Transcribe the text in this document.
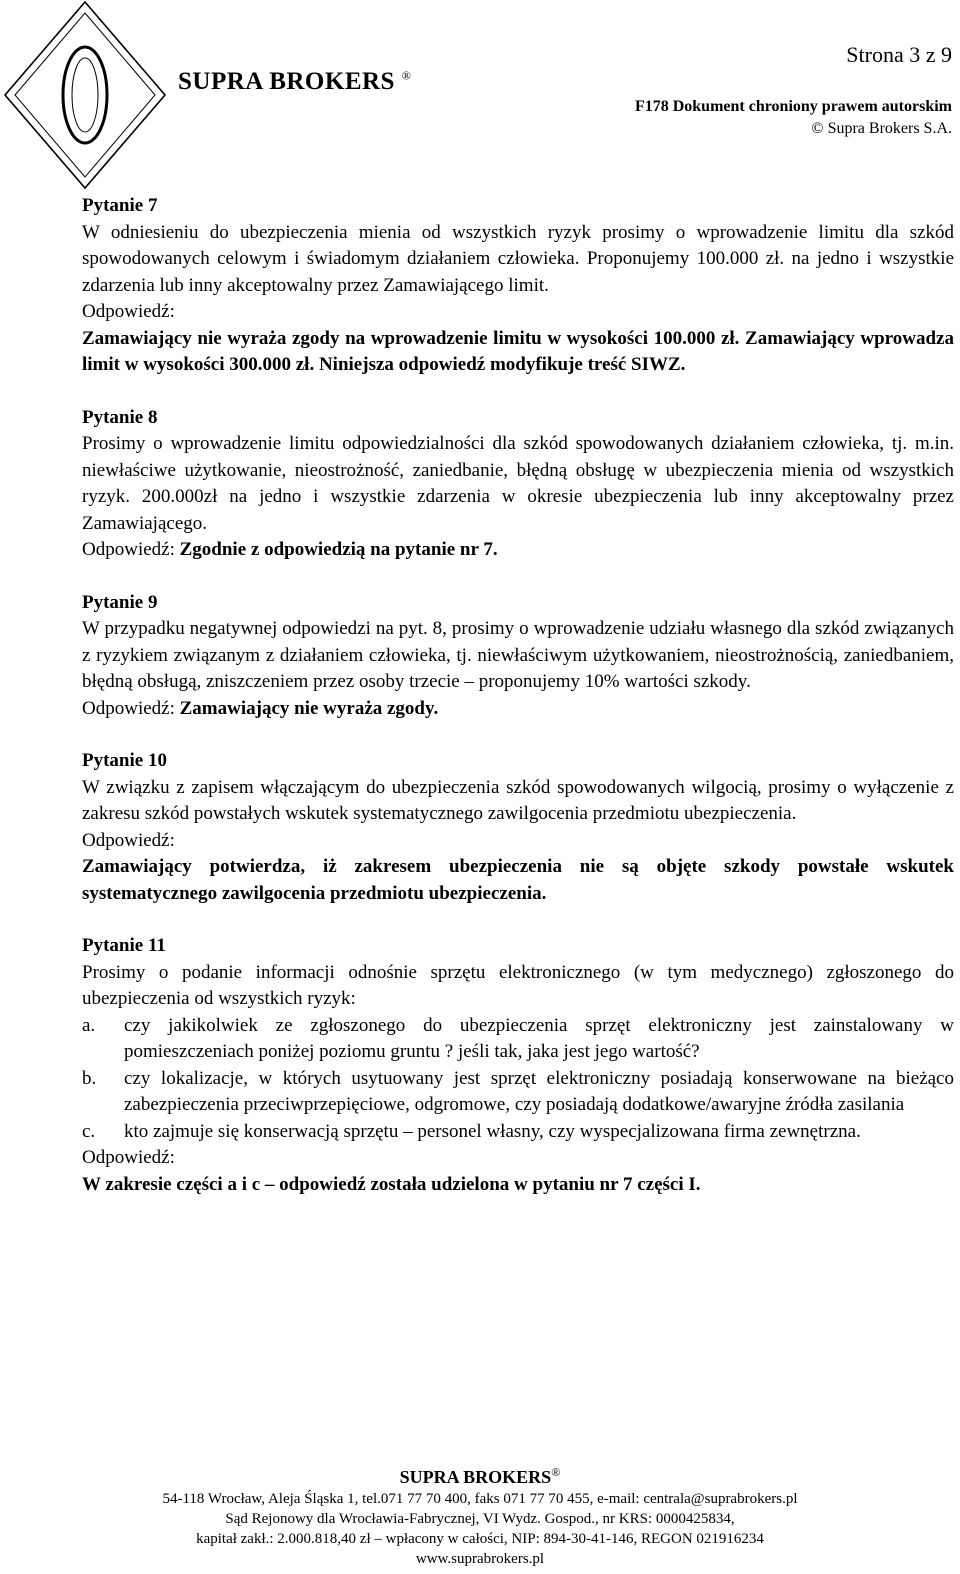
Strona 3 z 9
SUPRA BROKERS ®
F178 Dokument chroniony prawem autorskim
© Supra Brokers S.A.
Pytanie 7
W odniesieniu do ubezpieczenia mienia od wszystkich ryzyk prosimy o wprowadzenie limitu dla szkód spowodowanych celowym i świadomym działaniem człowieka. Proponujemy 100.000 zł. na jedno i wszystkie zdarzenia lub inny akceptowalny przez Zamawiającego limit.
Odpowiedź:
Zamawiający nie wyraża zgody na wprowadzenie limitu w wysokości 100.000 zł. Zamawiający wprowadza limit w wysokości 300.000 zł. Niniejsza odpowiedź modyfikuje treść SIWZ.
Pytanie 8
Prosimy o wprowadzenie limitu odpowiedzialności dla szkód spowodowanych działaniem człowieka, tj. m.in. niewłaściwe użytkowanie, nieostrożność, zaniedbanie, błędną obsługę w ubezpieczenia mienia od wszystkich ryzyk. 200.000zł na jedno i wszystkie zdarzenia w okresie ubezpieczenia lub inny akceptowalny przez Zamawiającego.
Odpowiedź: Zgodnie z odpowiedzią na pytanie nr 7.
Pytanie 9
W przypadku negatywnej odpowiedzi na pyt. 8, prosimy o wprowadzenie udziału własnego dla szkód związanych z ryzykiem związanym z działaniem człowieka, tj. niewłaściwym użytkowaniem, nieostrożnością, zaniedbaniem, błędną obsługą, zniszczeniem przez osoby trzecie – proponujemy 10% wartości szkody.
Odpowiedź: Zamawiający nie wyraża zgody.
Pytanie 10
W związku z zapisem włączającym do ubezpieczenia szkód spowodowanych wilgocią, prosimy o wyłączenie z zakresu szkód powstałych wskutek systematycznego zawilgocenia przedmiotu ubezpieczenia.
Odpowiedź:
Zamawiający potwierdza, iż zakresem ubezpieczenia nie są objęte szkody powstałe wskutek systematycznego zawilgocenia przedmiotu ubezpieczenia.
Pytanie 11
Prosimy o podanie informacji odnośnie sprzętu elektronicznego (w tym medycznego) zgłoszonego do ubezpieczenia od wszystkich ryzyk:
a.	czy jakikolwiek ze zgłoszonego do ubezpieczenia sprzęt elektroniczny jest zainstalowany w pomieszczeniach poniżej poziomu gruntu ? jeśli tak, jaka jest jego wartość?
b.	czy lokalizacje, w których usytuowany jest sprzęt elektroniczny posiadają konserwowane na bieżąco zabezpieczenia przeciwprzepięciowe, odgromowe, czy posiadają dodatkowe/awaryjne źródła zasilania
c.	kto zajmuje się konserwacją sprzętu – personel własny, czy wyspecjalizowana firma zewnętrzna.
Odpowiedź:
W zakresie części a i c – odpowiedź została udzielona w pytaniu nr 7 części I.
SUPRA BROKERS®
54-118 Wrocław, Aleja Śląska 1, tel.071 77 70 400, faks 071 77 70 455, e-mail: centrala@suprabrokers.pl
Sąd Rejonowy dla Wrocławia-Fabrycznej, VI Wydz. Gospod., nr KRS: 0000425834,
kapitał zakł.: 2.000.818,40 zł – wpłacony w całości, NIP: 894-30-41-146, REGON 021916234
www.suprabrokers.pl
